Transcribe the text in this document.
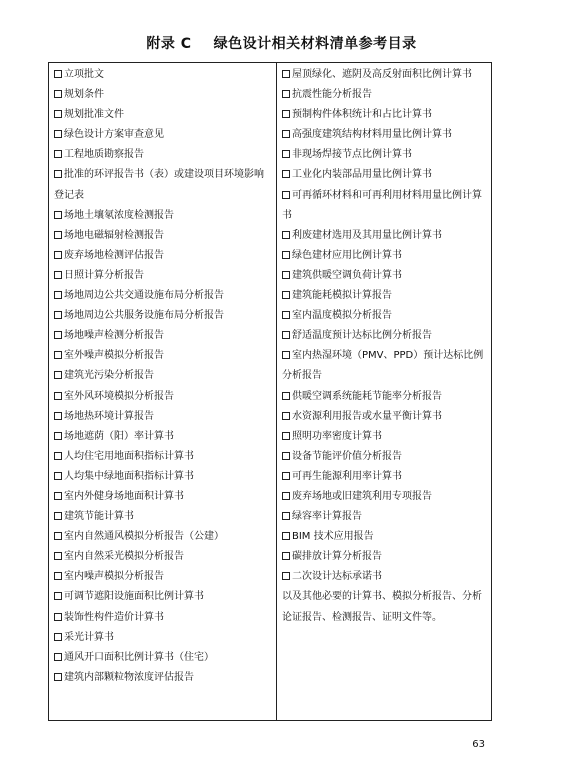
附录 C 绿色设计相关材料清单参考目录
立项批文
规划条件
规划批准文件
绿色设计方案审查意见
工程地质勘察报告
批准的环评报告书（表）或建设项目环境影响登记表
场地土壤氡浓度检测报告
场地电磁辐射检测报告
废弃场地检测评估报告
日照计算分析报告
场地周边公共交通设施布局分析报告
场地周边公共服务设施布局分析报告
场地噪声检测分析报告
室外噪声模拟分析报告
建筑光污染分析报告
室外风环境模拟分析报告
场地热环境计算报告
场地遮荫（阳）率计算书
人均住宅用地面积指标计算书
人均集中绿地面积指标计算书
室内外健身场地面积计算书
建筑节能计算书
室内自然通风模拟分析报告（公建）
室内自然采光模拟分析报告
室内噪声模拟分析报告
可调节遮阳设施面积比例计算书
装饰性构件造价计算书
采光计算书
通风开口面积比例计算书（住宅）
建筑内部颗粒物浓度评估报告
屋顶绿化、遮阴及高反射面积比例计算书
抗震性能分析报告
预制构件体积统计和占比计算书
高强度建筑结构材料用量比例计算书
非现场焊接节点比例计算书
工业化内装部品用量比例计算书
可再循环材料和可再利用材料用量比例计算书
利废建材选用及其用量比例计算书
绿色建材应用比例计算书
建筑供暖空调负荷计算书
建筑能耗模拟计算报告
室内温度模拟分析报告
舒适温度预计达标比例分析报告
室内热湿环境（PMV、PPD）预计达标比例分析报告
供暖空调系统能耗节能率分析报告
水资源利用报告或水量平衡计算书
照明功率密度计算书
设备节能评价值分析报告
可再生能源利用率计算书
废弃场地或旧建筑利用专项报告
绿容率计算报告
BIM 技术应用报告
碳排放计算分析报告
二次设计达标承诺书
以及其他必要的计算书、模拟分析报告、分析论证报告、检测报告、证明文件等。
63
